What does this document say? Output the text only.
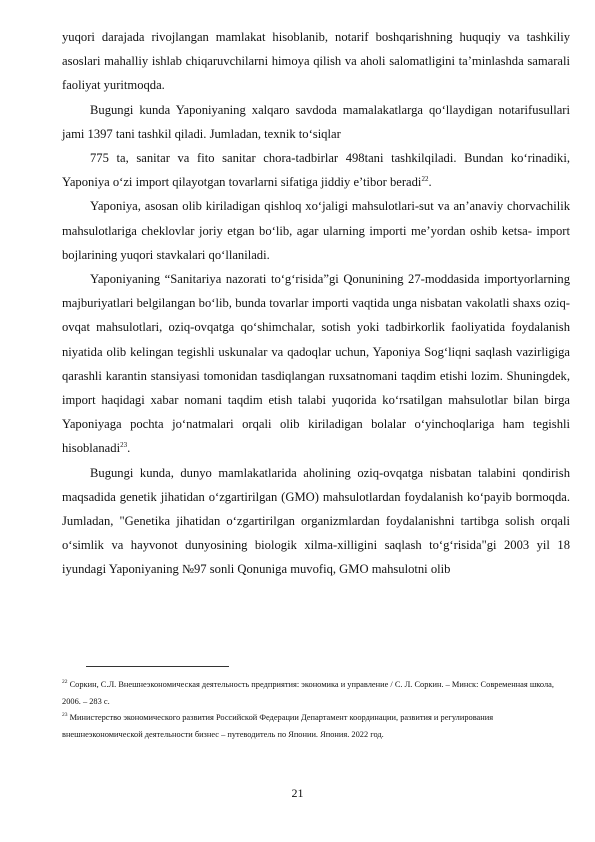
yuqori darajada rivojlangan mamlakat hisoblanib, notarif boshqarishning huquqiy va tashkiliy asoslari mahalliy ishlab chiqaruvchilarni himoya qilish va aholi salomatligini ta’minlashda samarali faoliyat yuritmoqda.

Bugungi kunda Yaponiyaning xalqaro savdoda mamalakatlarga qo‘llaydigan notarifusullari jami 1397 tani tashkil qiladi. Jumladan, texnik to‘siqlar

775 ta, sanitar va fito sanitar chora-tadbirlar 498tani tashkilqiladi. Bundan ko‘rinadiki, Yaponiya o‘zi import qilayotgan tovarlarni sifatiga jiddiy e’tibor beradi$^{22}$.

Yaponiya, asosan olib kiriladigan qishloq xo‘jaligi mahsulotlari-sut va an’anaviy chorvachilik mahsulotlariga cheklovlar joriy etgan bo‘lib, agar ularning importi me’yordan oshib ketsa- import bojlarining yuqori stavkalari qo‘llaniladi.

Yaponiyaning “Sanitariya nazorati to‘g‘risida”gi Qonunining 27-moddasida importyorlarning majburiyatlari belgilangan bo‘lib, bunda tovarlar importi vaqtida unga nisbatan vakolatli shaxs oziq-ovqat mahsulotlari, oziq-ovqatga qo‘shimchalar, sotish yoki tadbirkorlik faoliyatida foydalanish niyatida olib kelingan tegishli uskunalar va qadoqlar uchun, Yaponiya Sog‘liqni saqlash vazirligiga qarashli karantin stansiyasi tomonidan tasdiqlangan ruxsatnomani taqdim etishi lozim. Shuningdek, import haqidagi xabar nomani taqdim etish talabi yuqorida ko‘rsatilgan mahsulotlar bilan birga Yaponiyaga pochta jo‘natmalari orqali olib kiriladigan bolalar o‘yinchoqlariga ham tegishli hisoblanadi$^{23}$.

Bugungi kunda, dunyo mamlakatlarida aholining oziq-ovqatga nisbatan talabini qondirish maqsadida genetik jihatidan o‘zgartirilgan (GMO) mahsulotlardan foydalanish ko‘payib bormoqda. Jumladan, "Genetika jihatidan o‘zgartirilgan organizmlardan foydalanishni tartibga solish orqali o‘simlik va hayvonot dunyosining biologik xilma-xilligini saqlash to‘g‘risida"gi 2003 yil 18 iyundagi Yaponiyaning №97 sonli Qonuniga muvofiq, GMO mahsulotni olib

$^{22}$ Соркин, С.Л. Внешнеэкономическая деятельность предприятия: экономика и управление / С. Л. Соркин. – Минск: Современная школа, 2006. – 283 с.

$^{23}$ Министерство экономического развития Российской Федерации Департамент координации, развития и регулирования внешнеэкономической деятельности бизнес – путеводитель по Японии. Япония. 2022 год.

21
